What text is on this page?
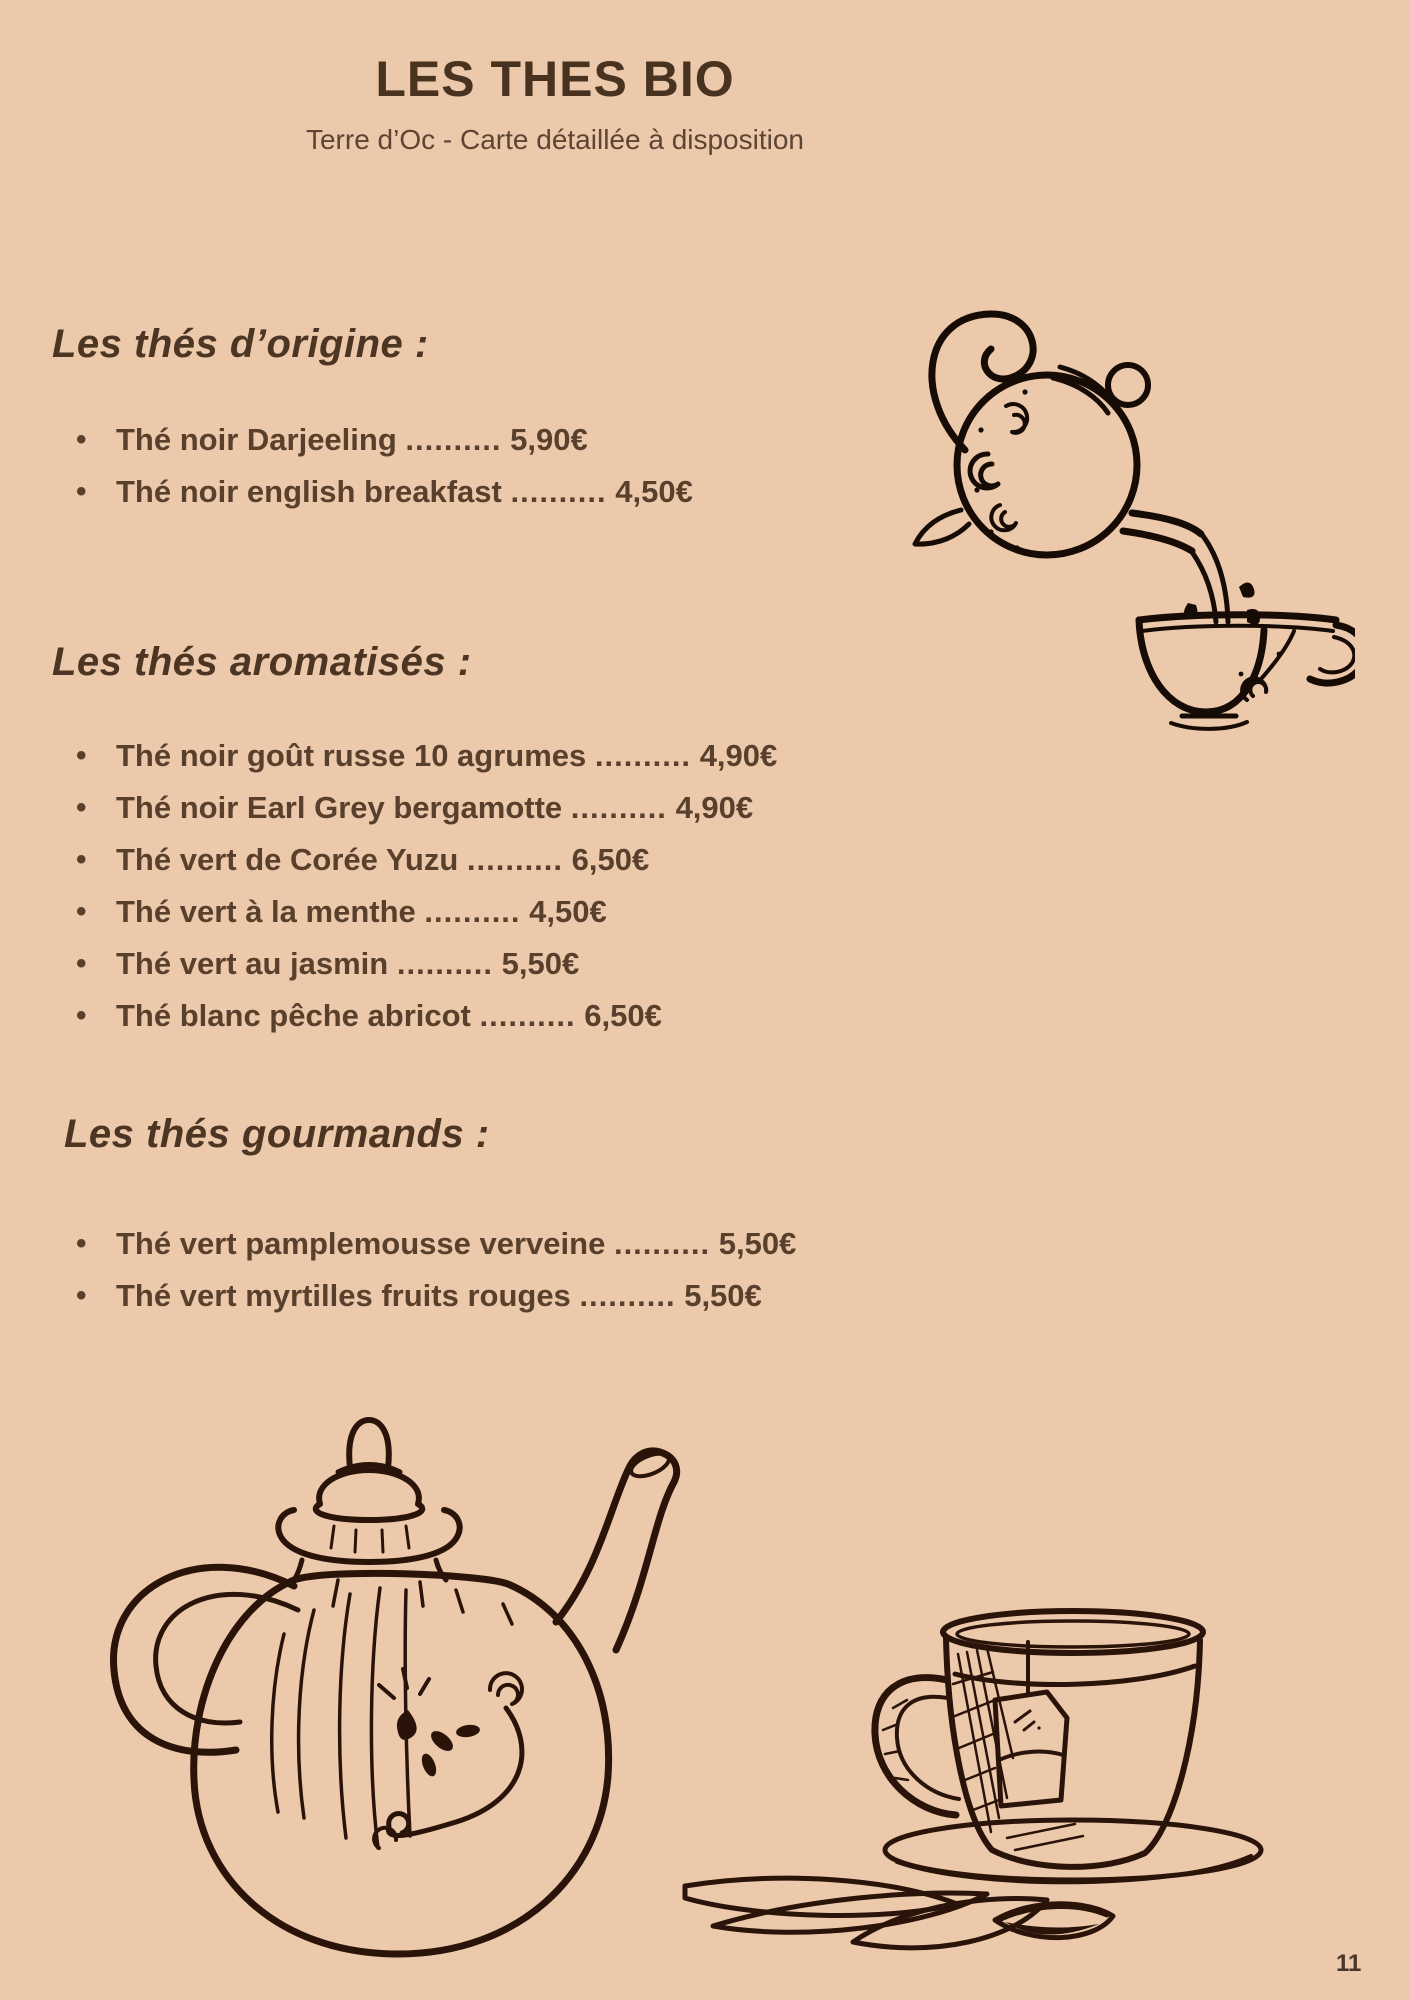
LES THES BIO
Terre d’Oc - Carte détaillée à disposition
Les thés d’origine :
• Thé noir Darjeeling .......... 5,90€
• Thé noir english breakfast .......... 4,50€
Les thés aromatisés :
• Thé noir goût russe 10 agrumes .......... 4,90€
• Thé noir Earl Grey bergamotte .......... 4,90€
• Thé vert de Corée Yuzu .......... 6,50€
• Thé vert à la menthe .......... 4,50€
• Thé vert au jasmin .......... 5,50€
• Thé blanc pêche abricot .......... 6,50€
Les thés gourmands :
• Thé vert pamplemousse verveine .......... 5,50€
• Thé vert myrtilles fruits rouges .......... 5,50€
11
